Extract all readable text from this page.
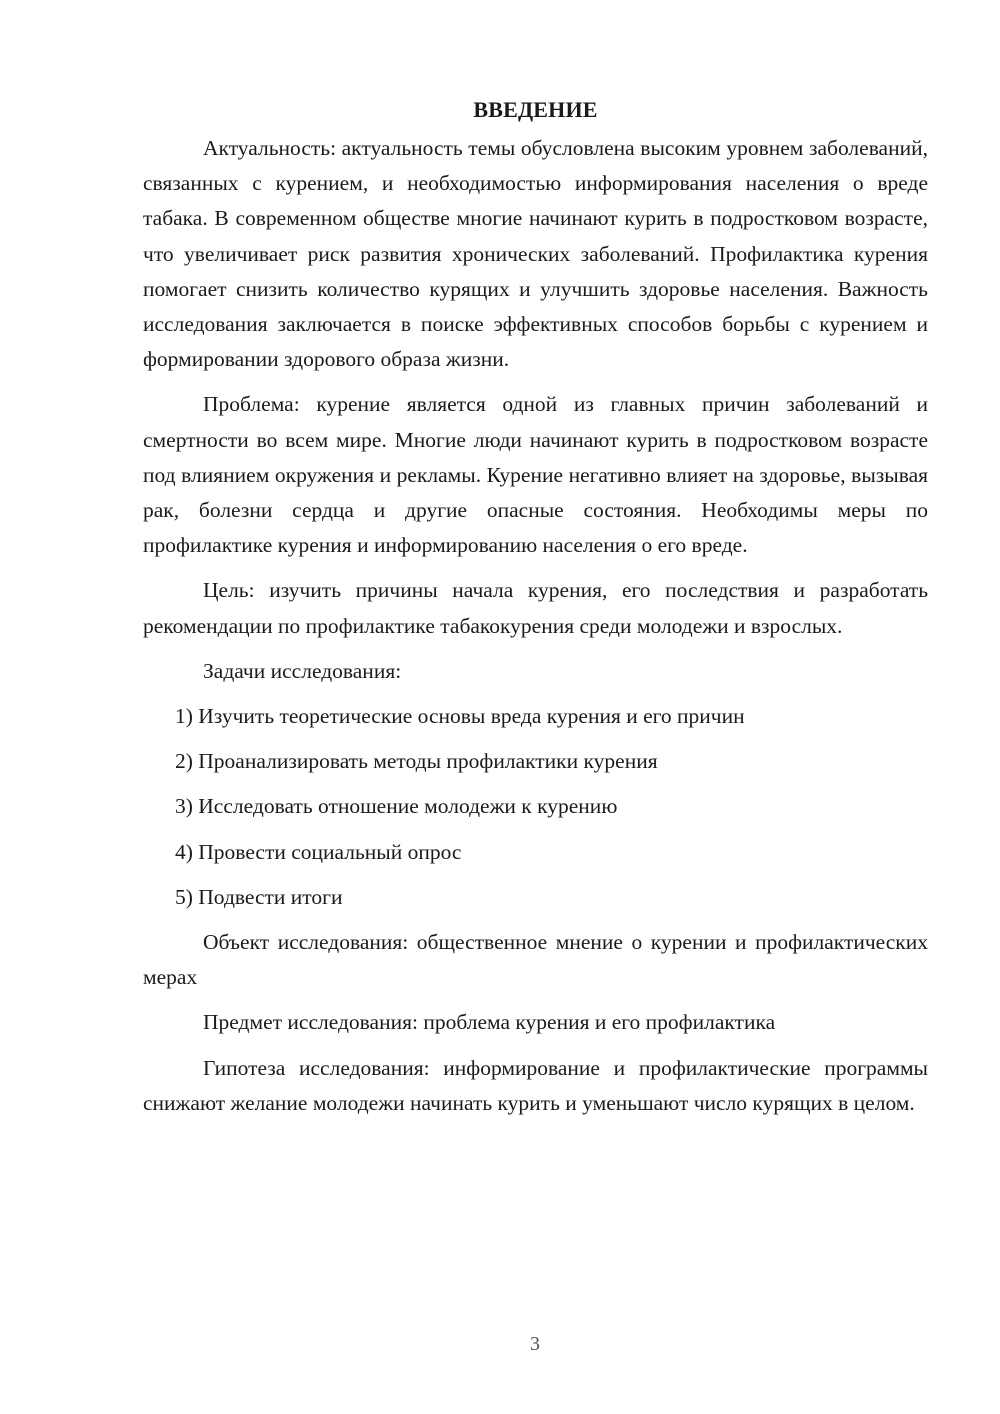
ВВЕДЕНИЕ

Актуальность: актуальность темы обусловлена высоким уровнем заболеваний, связанных с курением, и необходимостью информирования населения о вреде табака. В современном обществе многие начинают курить в подростковом возрасте, что увеличивает риск развития хронических заболеваний. Профилактика курения помогает снизить количество курящих и улучшить здоровье населения. Важность исследования заключается в поиске эффективных способов борьбы с курением и формировании здорового образа жизни.

Проблема: курение является одной из главных причин заболеваний и смертности во всем мире. Многие люди начинают курить в подростковом возрасте под влиянием окружения и рекламы. Курение негативно влияет на здоровье, вызывая рак, болезни сердца и другие опасные состояния. Необходимы меры по профилактике курения и информированию населения о его вреде.

Цель: изучить причины начала курения, его последствия и разработать рекомендации по профилактике табакокурения среди молодежи и взрослых.

Задачи исследования:
1) Изучить теоретические основы вреда курения и его причин
2) Проанализировать методы профилактики курения
3) Исследовать отношение молодежи к курению
4) Провести социальный опрос
5) Подвести итоги

Объект исследования: общественное мнение о курении и профилактических мерах

Предмет исследования: проблема курения и его профилактика

Гипотеза исследования: информирование и профилактические программы снижают желание молодежи начинать курить и уменьшают число курящих в целом.

3
